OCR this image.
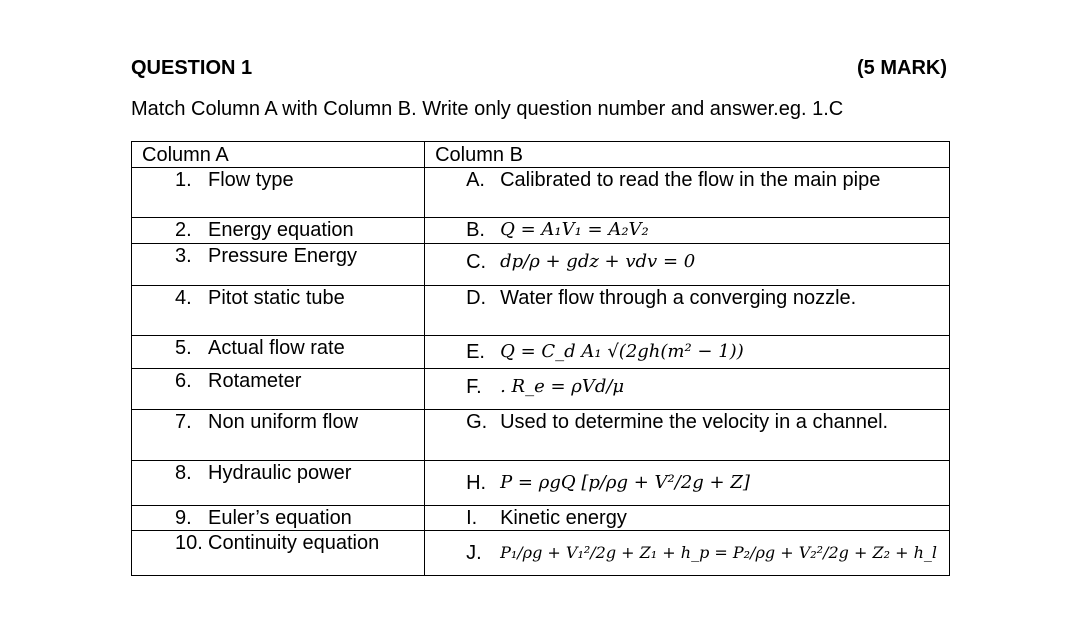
QUESTION 1	(5 MARK)
Match Column A with Column B. Write only question number and answer.eg. 1.C
Column A	Column B

1. Flow type	A. Calibrated to read the flow in the main pipe

2. Energy equation	B. Q = A₁V₁ = A₂V₂

3. Pressure Energy	C. dp/ρ + gdz + vdv = 0

4. Pitot static tube	D. Water flow through a converging nozzle.

5. Actual flow rate	E. Q = C_d A₁ √(2gh(m² − 1))

6. Rotameter	F. . R_e = ρVd/μ

7. Non uniform flow	G. Used to determine the velocity in a channel.

8. Hydraulic power	H. P = ρgQ [p/ρg + V²/2g + Z]

9. Euler’s equation	I. Kinetic energy

10. Continuity equation	J. P₁/ρg + V₁²/2g + Z₁ + h_p = P₂/ρg + V₂²/2g + Z₂ + h_l
